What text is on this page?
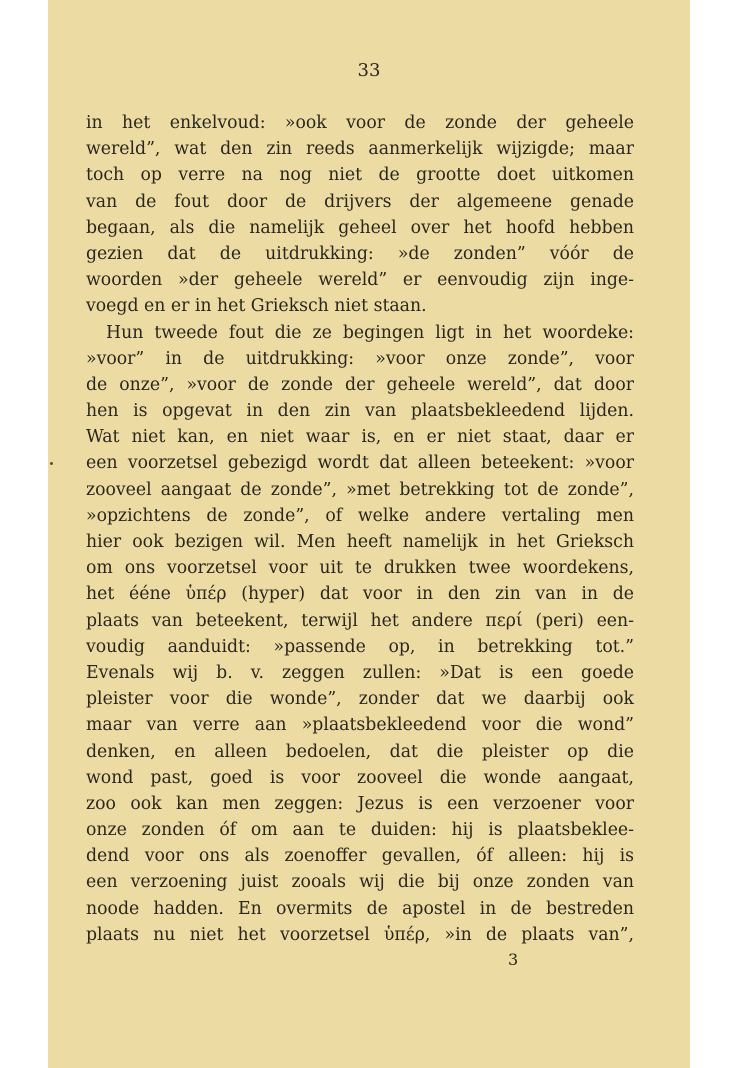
33
in het enkelvoud: »ook voor de zonde der geheele
wereld”, wat den zin reeds aanmerkelijk wijzigde; maar
toch op verre na nog niet de grootte doet uitkomen
van de fout door de drijvers der algemeene genade
begaan, als die namelijk geheel over het hoofd hebben
gezien dat de uitdrukking: »de zonden” vóór de
woorden »der geheele wereld” er eenvoudig zijn inge-
voegd en er in het Grieksch niet staan.
Hun tweede fout die ze begingen ligt in het woordeke:
»voor” in de uitdrukking: »voor onze zonde”, voor
de onze”, »voor de zonde der geheele wereld”, dat door
hen is opgevat in den zin van plaatsbekleedend lijden.
Wat niet kan, en niet waar is, en er niet staat, daar er
een voorzetsel gebezigd wordt dat alleen beteekent: »voor
zooveel aangaat de zonde”, »met betrekking tot de zonde”,
»opzichtens de zonde”, of welke andere vertaling men
hier ook bezigen wil. Men heeft namelijk in het Grieksch
om ons voorzetsel voor uit te drukken twee woordekens,
het ééne ὑπέρ (hyper) dat voor in den zin van in de
plaats van beteekent, terwijl het andere περί (peri) een-
voudig aanduidt: »passende op, in betrekking tot.”
Evenals wij b. v. zeggen zullen: »Dat is een goede
pleister voor die wonde”, zonder dat we daarbij ook
maar van verre aan »plaatsbekleedend voor die wond”
denken, en alleen bedoelen, dat die pleister op die
wond past, goed is voor zooveel die wonde aangaat,
zoo ook kan men zeggen: Jezus is een verzoener voor
onze zonden óf om aan te duiden: hij is plaatsbeklee-
dend voor ons als zoenoffer gevallen, óf alleen: hij is
een verzoening juist zooals wij die bij onze zonden van
noode hadden. En overmits de apostel in de bestreden
plaats nu niet het voorzetsel ὑπέρ, »in de plaats van”,
3
